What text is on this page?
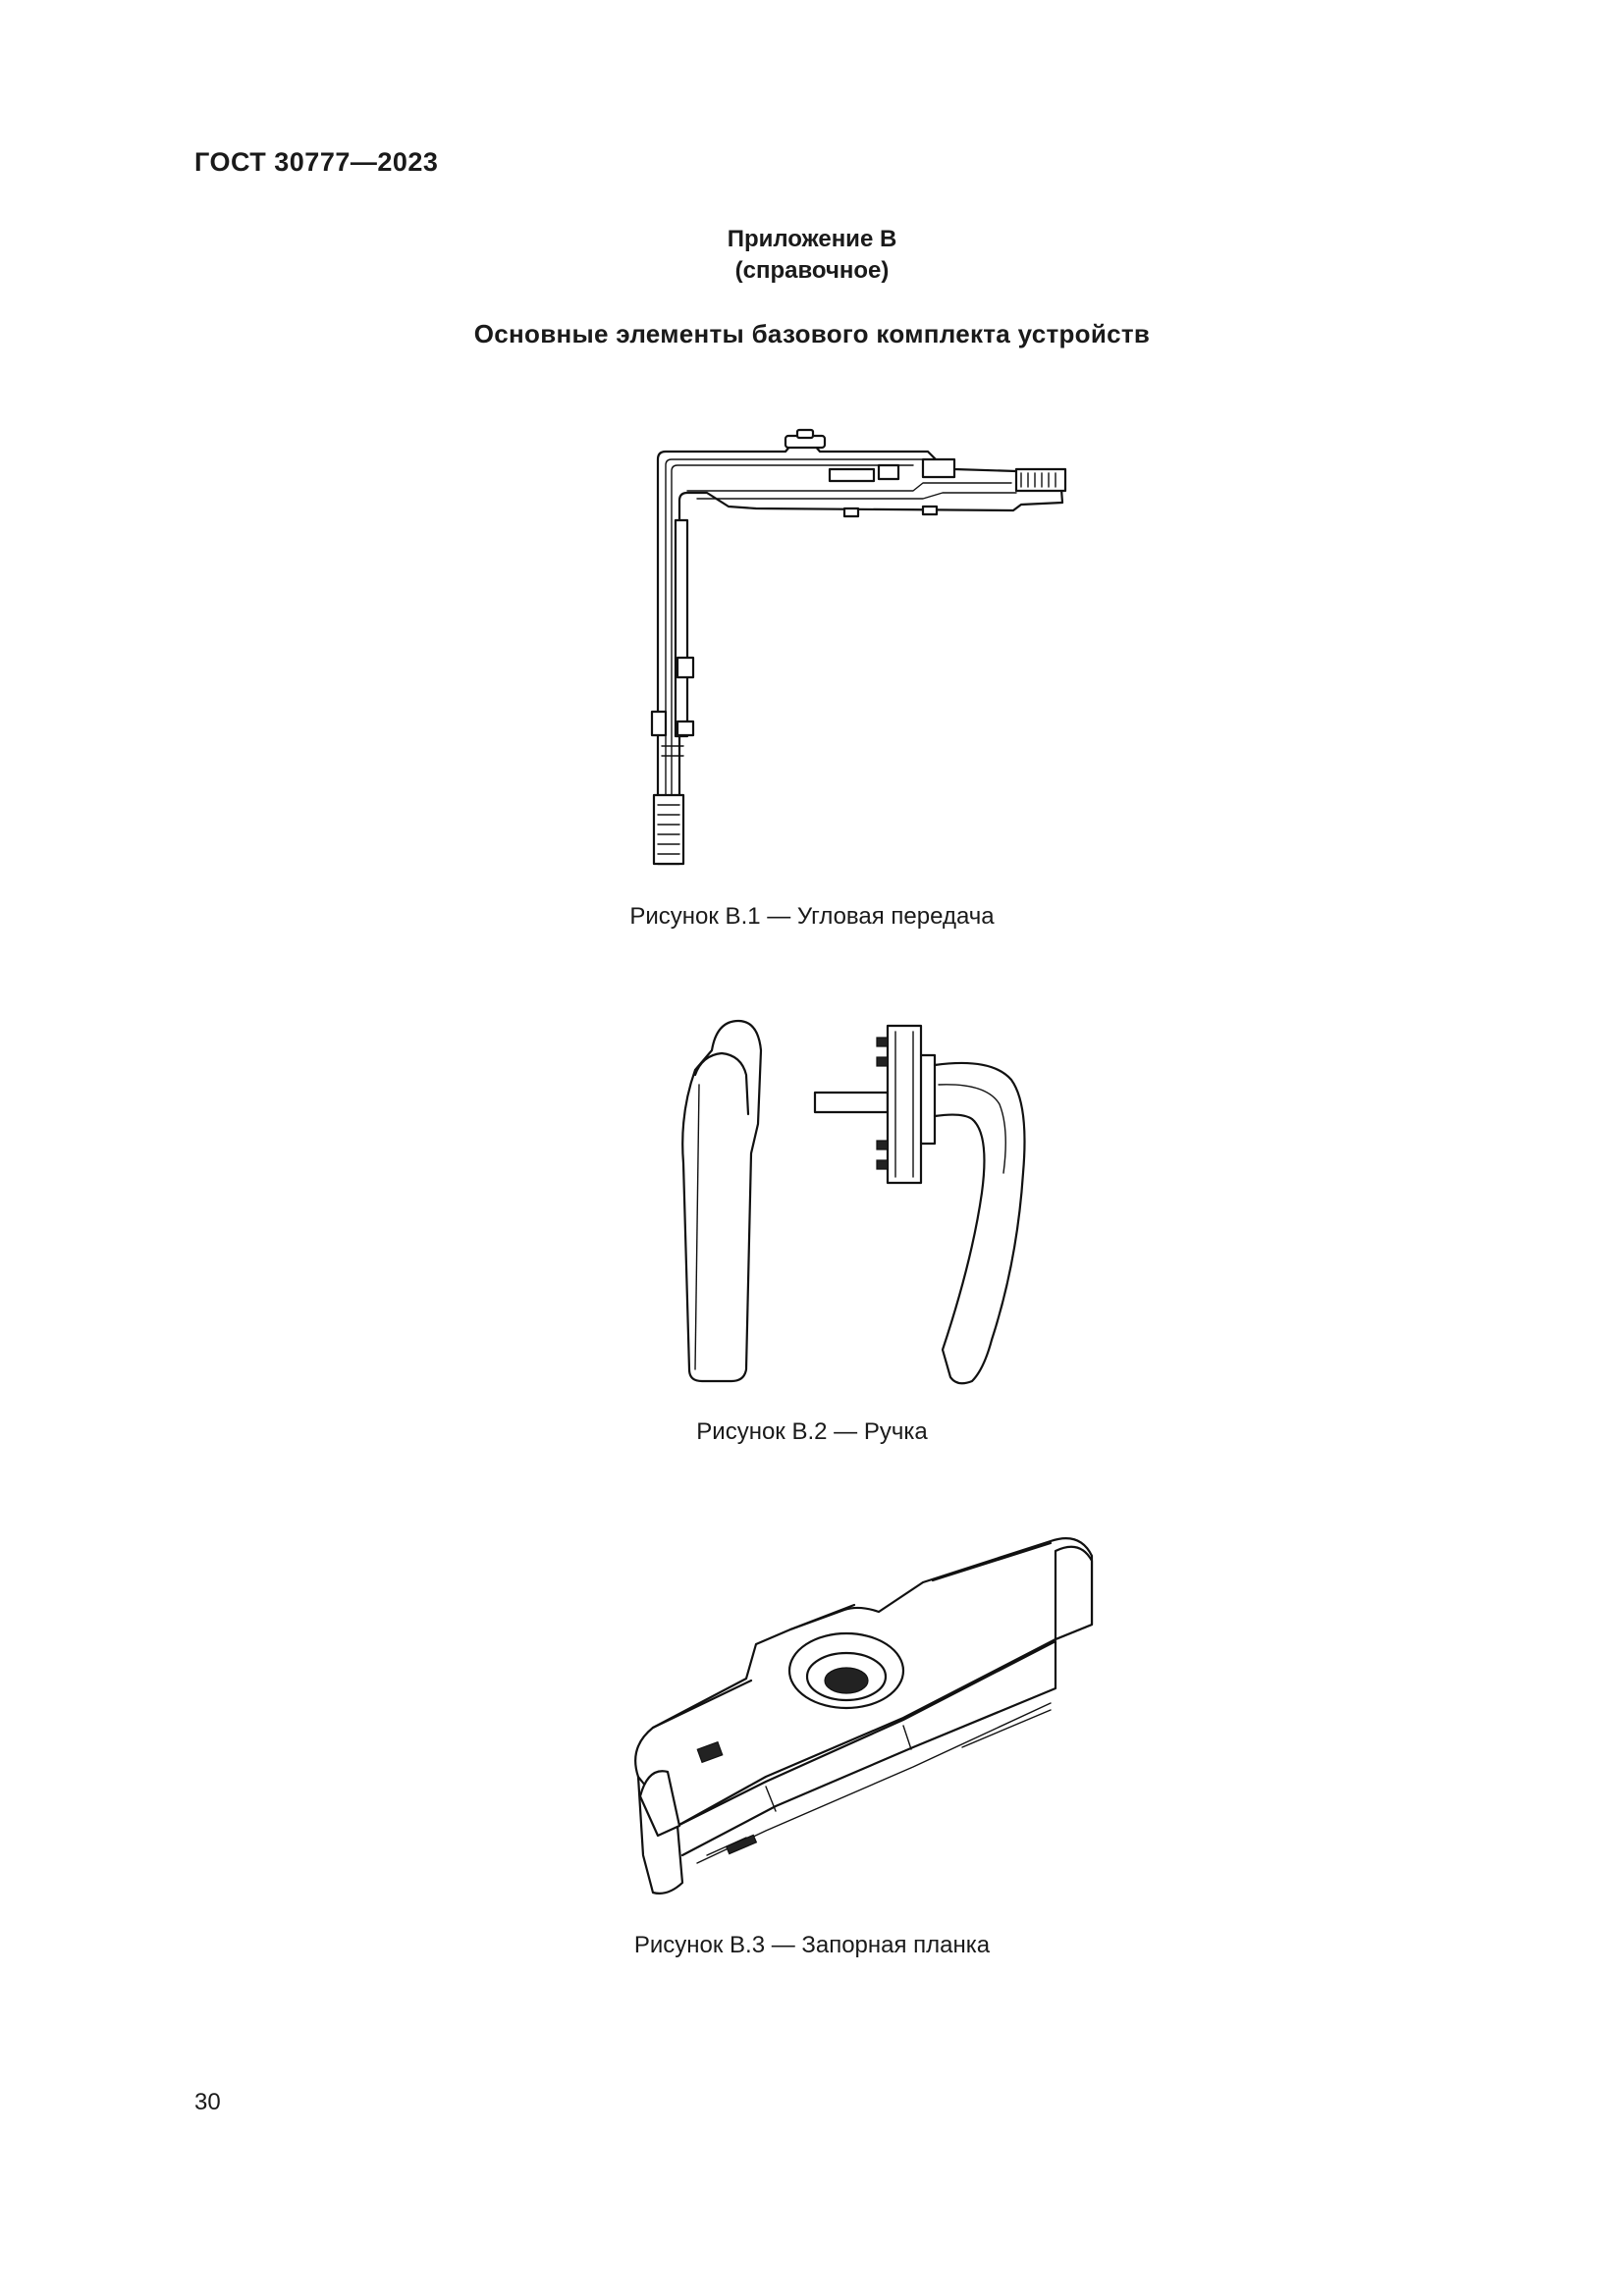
ГОСТ 30777—2023
Приложение В
(справочное)
Основные элементы базового комплекта устройств
Рисунок В.1 — Угловая передача
Рисунок В.2 — Ручка
Рисунок В.3 — Запорная планка
30
